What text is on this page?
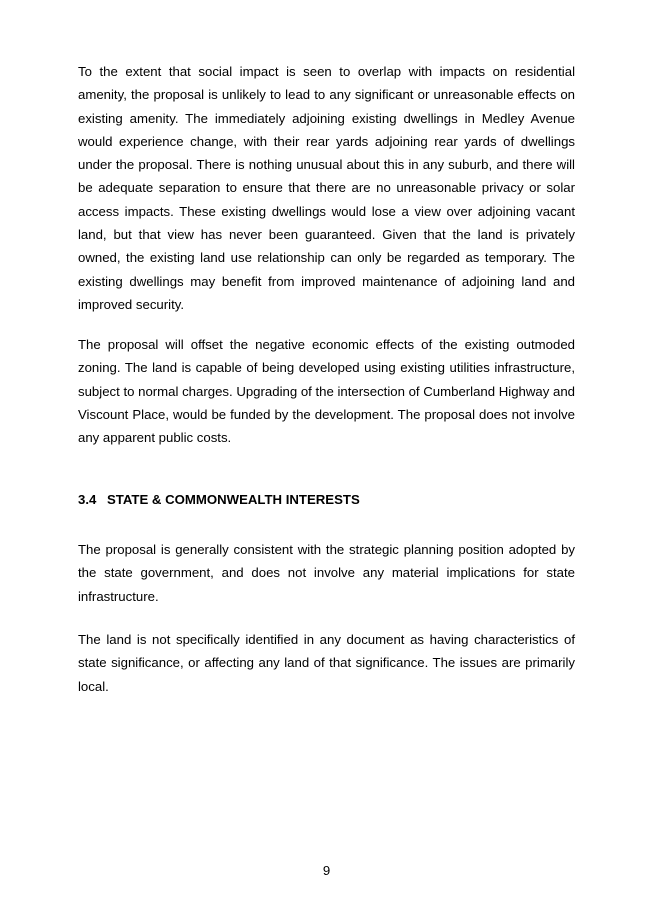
To the extent that social impact is seen to overlap with impacts on residential amenity, the proposal is unlikely to lead to any significant or unreasonable effects on existing amenity. The immediately adjoining existing dwellings in Medley Avenue would experience change, with their rear yards adjoining rear yards of dwellings under the proposal. There is nothing unusual about this in any suburb, and there will be adequate separation to ensure that there are no unreasonable privacy or solar access impacts. These existing dwellings would lose a view over adjoining vacant land, but that view has never been guaranteed. Given that the land is privately owned, the existing land use relationship can only be regarded as temporary. The existing dwellings may benefit from improved maintenance of adjoining land and improved security.

The proposal will offset the negative economic effects of the existing outmoded zoning. The land is capable of being developed using existing utilities infrastructure, subject to normal charges. Upgrading of the intersection of Cumberland Highway and Viscount Place, would be funded by the development. The proposal does not involve any apparent public costs.

3.4 STATE & COMMONWEALTH INTERESTS

The proposal is generally consistent with the strategic planning position adopted by the state government, and does not involve any material implications for state infrastructure.

The land is not specifically identified in any document as having characteristics of state significance, or affecting any land of that significance. The issues are primarily local.

9
